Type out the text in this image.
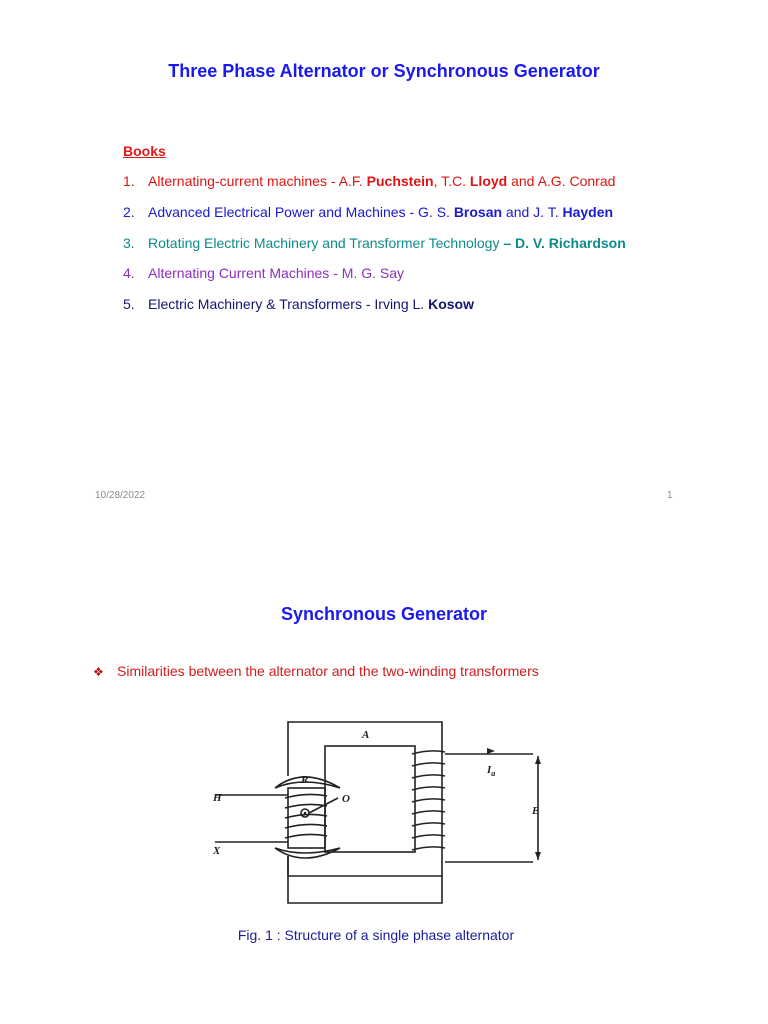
Three Phase Alternator or Synchronous Generator
Books
1. Alternating-current machines - A.F. Puchstein, T.C. Lloyd and A.G. Conrad
2. Advanced Electrical Power and Machines - G. S. Brosan and J. T. Hayden
3. Rotating Electric Machinery and Transformer Technology – D. V. Richardson
4. Alternating Current Machines - M. G. Say
5. Electric Machinery & Transformers - Irving L. Kosow
10/28/2022	1
Synchronous Generator
❖ Similarities between the alternator and the two-winding transformers
A
R
H
X
O
$I_a$
E
Fig. 1 : Structure of a single phase alternator
